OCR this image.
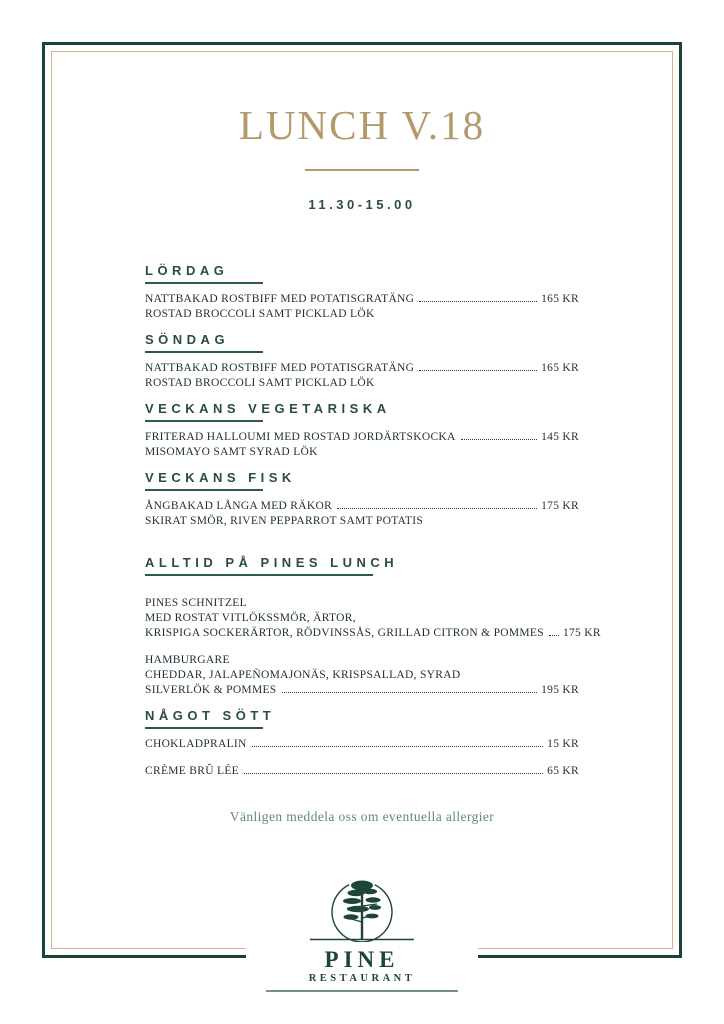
LUNCH V.18
11.30-15.00
LÖRDAG
NATTBAKAD ROSTBIFF MED POTATISGRATÄNG	165 KR
ROSTAD BROCCOLI SAMT PICKLAD LÖK
SÖNDAG
NATTBAKAD ROSTBIFF MED POTATISGRATÄNG	165 KR
ROSTAD BROCCOLI SAMT PICKLAD LÖK
VECKANS VEGETARISKA
FRITERAD HALLOUMI MED ROSTAD JORDÄRTSKOCKA	145 KR
MISOMAYO SAMT SYRAD LÖK
VECKANS FISK
ÅNGBAKAD LÅNGA MED RÄKOR	175 KR
SKIRAT SMÖR, RIVEN PEPPARROT SAMT POTATIS
ALLTID PÅ PINES LUNCH
PINES SCHNITZEL
MED ROSTAT VITLÖKSSMÖR, ÄRTOR,
KRISPIGA SOCKERÄRTOR, RÖDVINSSÅS, GRILLAD CITRON & POMMES 175 KR
HAMBURGARE
CHEDDAR, JALAPEÑOMAJONÄS, KRISPSALLAD, SYRAD
SILVERLÖK & POMMES	195 KR
NÅGOT SÖTT
CHOKLADPRALIN	15 KR
CRÈME BRÛ LÉE	65 KR
Vänligen meddela oss om eventuella allergier
PINE
RESTAURANT
